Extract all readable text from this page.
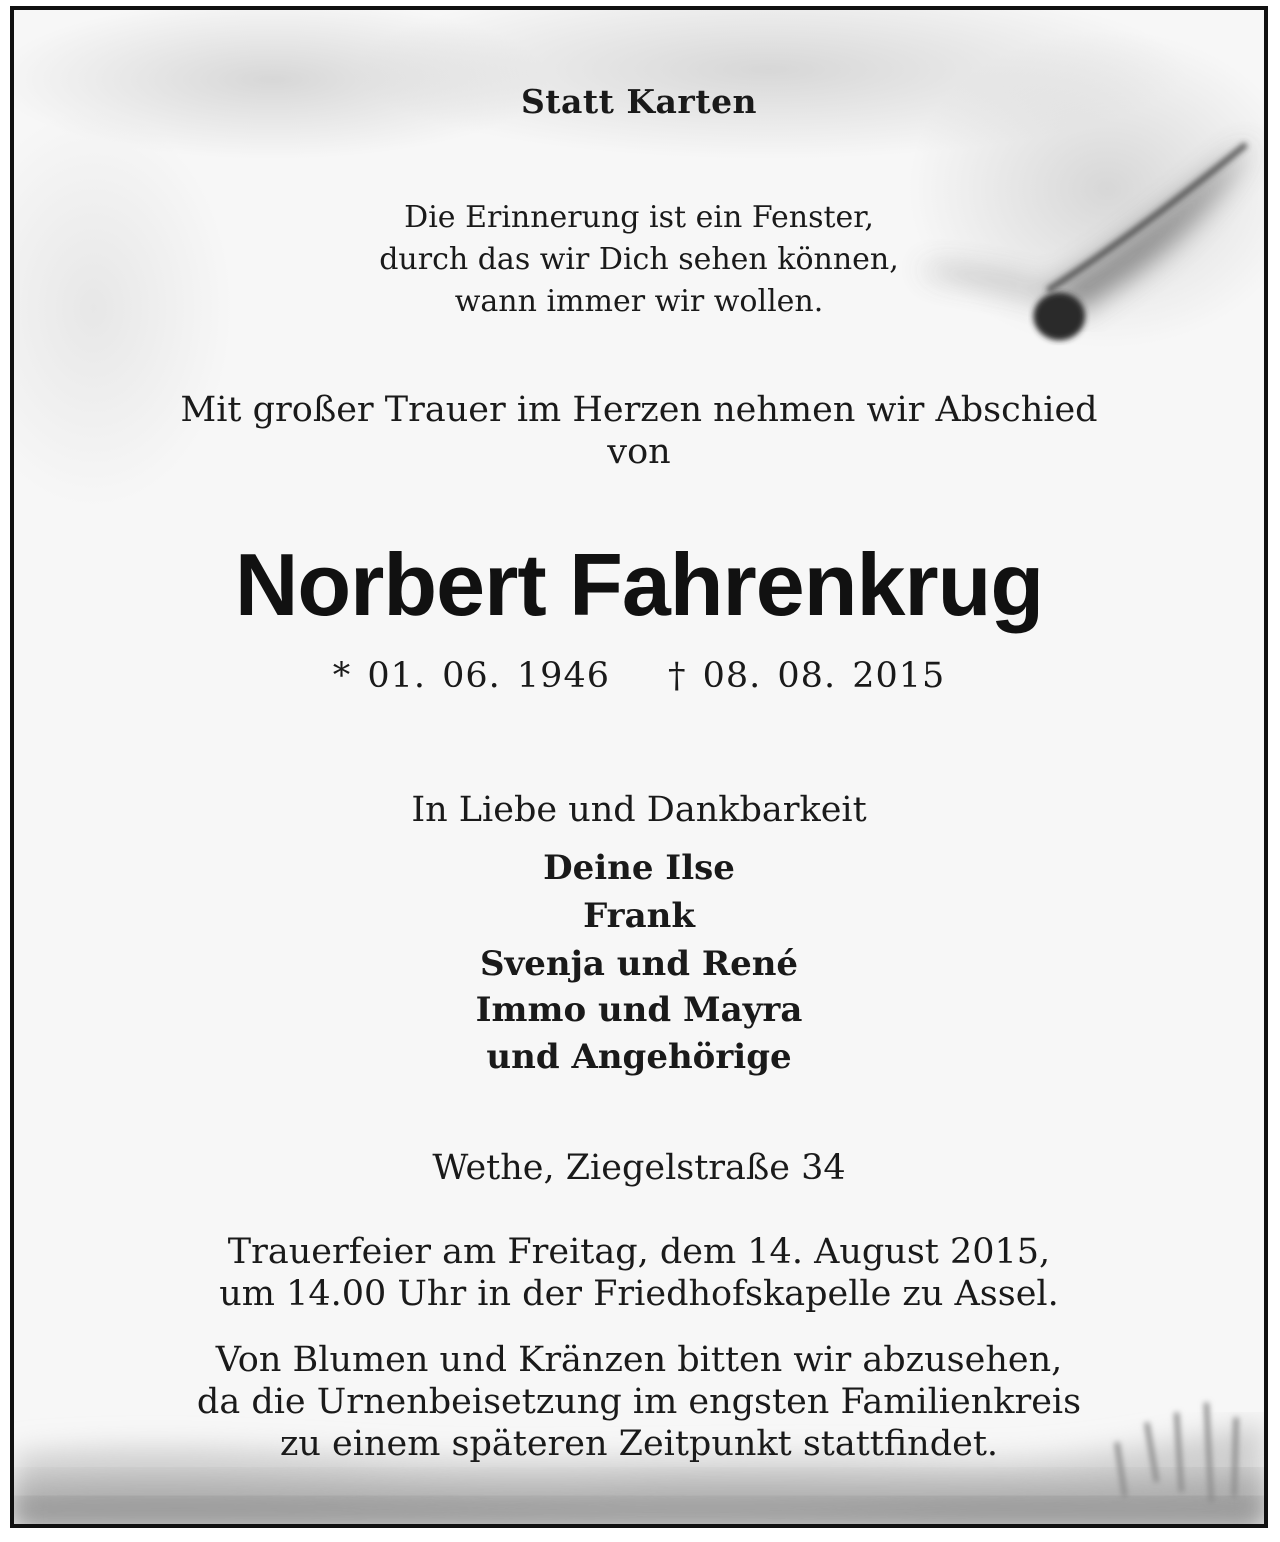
Statt Karten
Die Erinnerung ist ein Fenster,
durch das wir Dich sehen können,
wann immer wir wollen.
Mit großer Trauer im Herzen nehmen wir Abschied
von
Norbert Fahrenkrug
* 01. 06. 1946 † 08. 08. 2015
In Liebe und Dankbarkeit
Deine Ilse
Frank
Svenja und René
Immo und Mayra
und Angehörige
Wethe, Ziegelstraße 34
Trauerfeier am Freitag, dem 14. August 2015,
um 14.00 Uhr in der Friedhofskapelle zu Assel.
Von Blumen und Kränzen bitten wir abzusehen,
da die Urnenbeisetzung im engsten Familienkreis
zu einem späteren Zeitpunkt stattfindet.
